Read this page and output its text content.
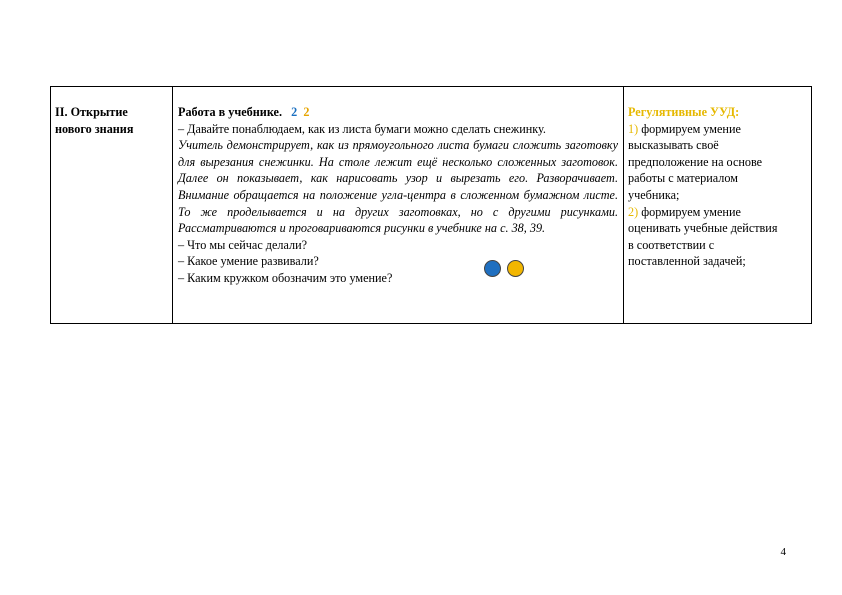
II. Открытие
нового знания
Работа в учебнике. 2 2
– Давайте понаблюдаем, как из листа бумаги можно сделать снежинку.
Учитель демонстрирует, как из прямоугольного листа бумаги сложить заготовку для вырезания снежинки. На столе лежит ещё несколько сложенных заготовок. Далее он показывает, как нарисовать узор и вырезать его. Разворачивает. Внимание обращается на положение угла-центра в сложенном бумажном листе. То же проделывается и на других заготовках, но с другими рисунками. Рассматриваются и проговариваются рисунки в учебнике на с. 38, 39.
– Что мы сейчас делали?
– Какое умение развивали?
– Каким кружком обозначим это умение?
Регулятивные УУД:
1) формируем умение
высказывать своё
предположение на основе
работы с материалом
учебника;
2) формируем умение
оценивать учебные действия
в соответствии с
поставленной задачей;
4
